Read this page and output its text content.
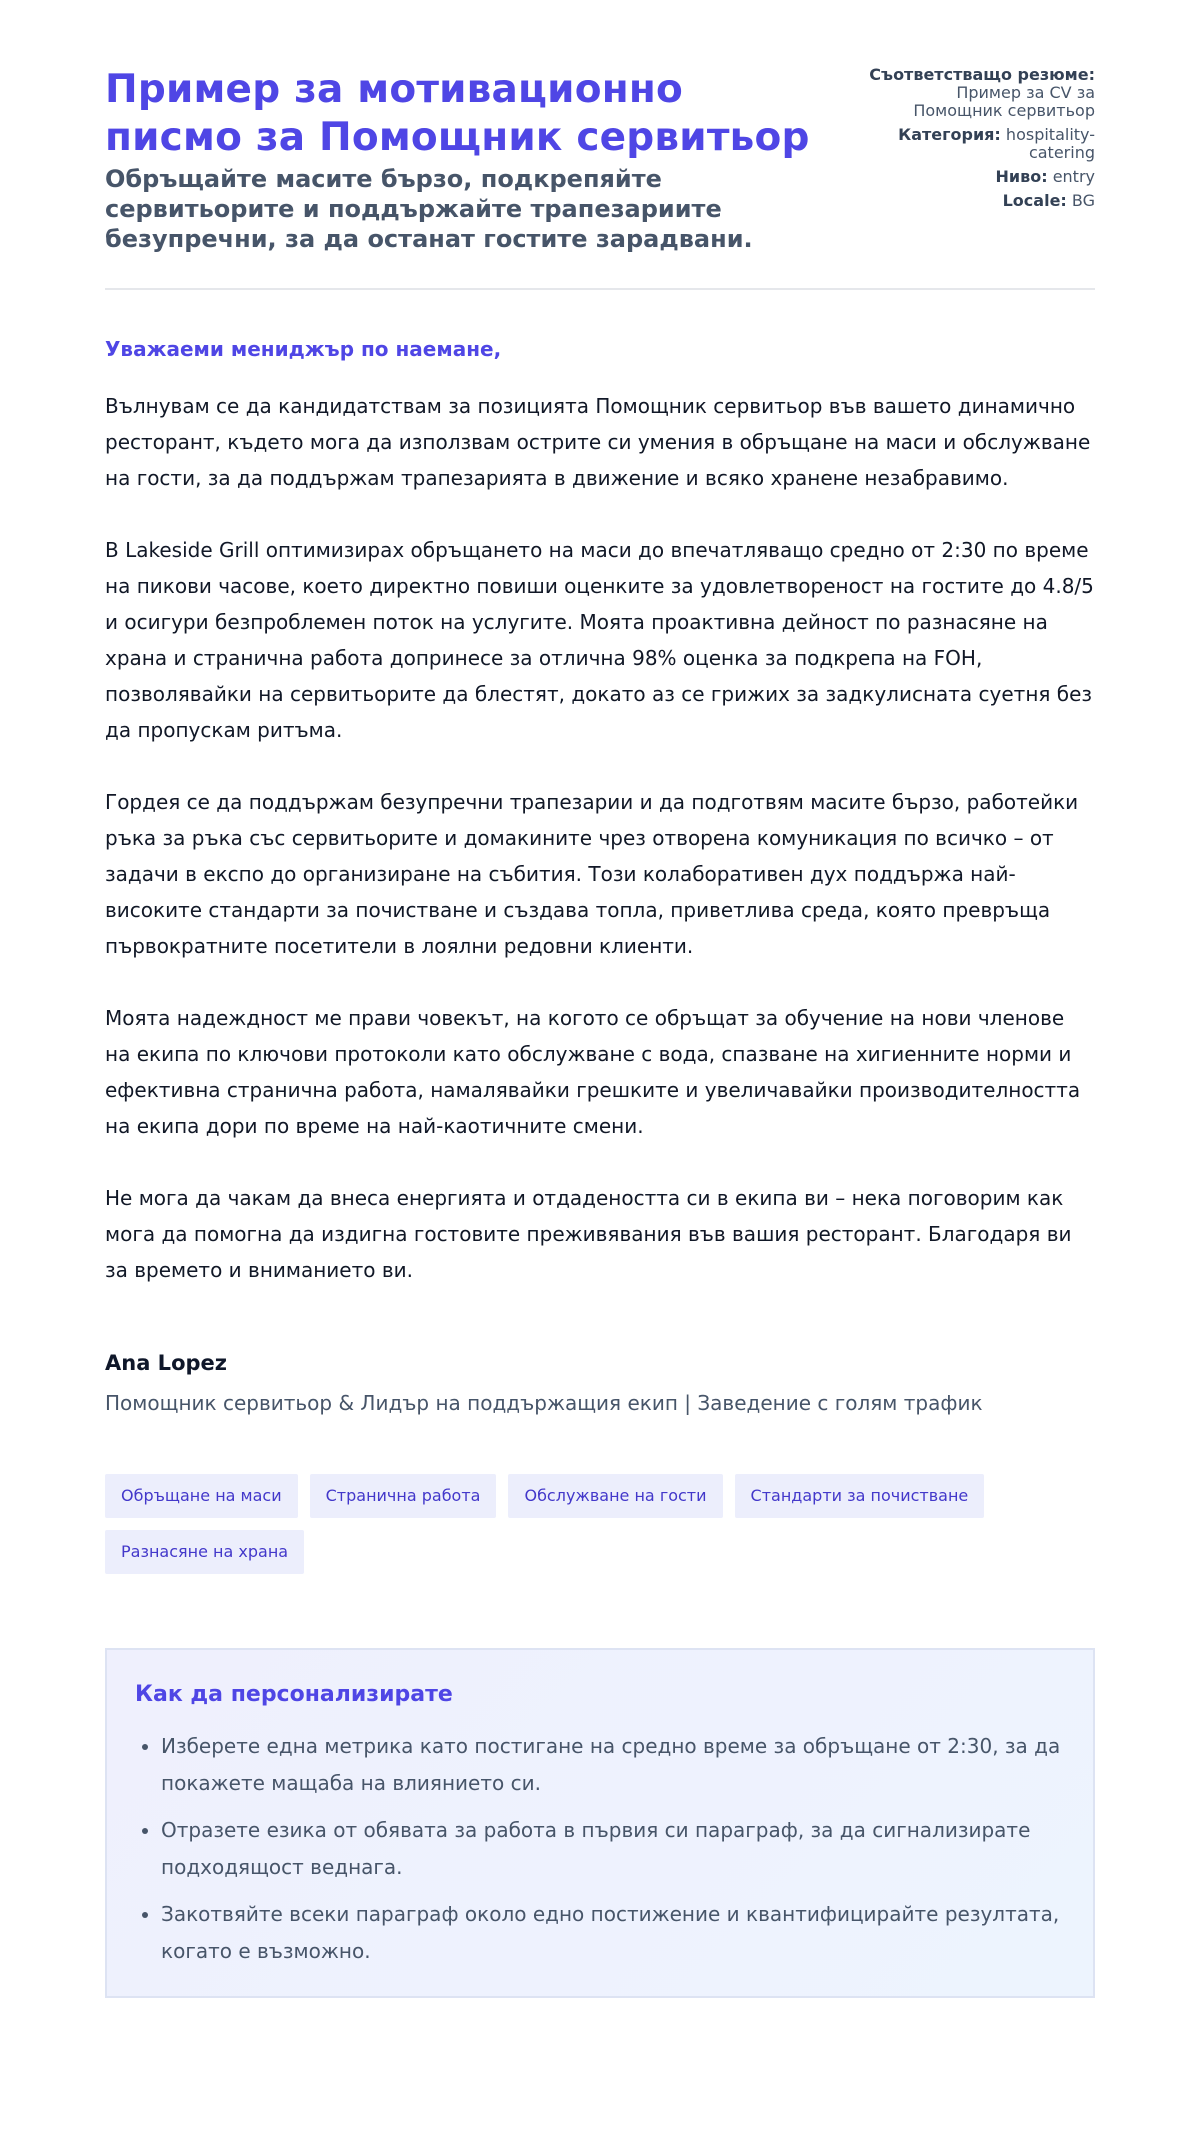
Пример за мотивационно писмо за Помощник сервитьор

Обръщайте масите бързо, подкрепяйте сервитьорите и поддържайте трапезариите безупречни, за да останат гостите зарадвани.

Съответстващо резюме: Пример за CV за Помощник сервитьор
Категория: hospitality-catering
Ниво: entry
Locale: BG

Уважаеми мениджър по наемане,

Вълнувам се да кандидатствам за позицията Помощник сервитьор във вашето динамично ресторант, където мога да използвам острите си умения в обръщане на маси и обслужване на гости, за да поддържам трапезарията в движение и всяко хранене незабравимо.

В Lakeside Grill оптимизирах обръщането на маси до впечатляващо средно от 2:30 по време на пикови часове, което директно повиши оценките за удовлетвореност на гостите до 4.8/5 и осигури безпроблемен поток на услугите. Моята проактивна дейност по разнасяне на храна и странична работа допринесе за отлична 98% оценка за подкрепа на FOH, позволявайки на сервитьорите да блестят, докато аз се грижих за задкулисната суетня без да пропускам ритъма.

Гордея се да поддържам безупречни трапезарии и да подготвям масите бързо, работейки ръка за ръка със сервитьорите и домакините чрез отворена комуникация по всичко – от задачи в експо до организиране на събития. Този колаборативен дух поддържа най-високите стандарти за почистване и създава топла, приветлива среда, която превръща първократните посетители в лоялни редовни клиенти.

Моята надеждност ме прави човекът, на когото се обръщат за обучение на нови членове на екипа по ключови протоколи като обслужване с вода, спазване на хигиенните норми и ефективна странична работа, намалявайки грешките и увеличавайки производителността на екипа дори по време на най-каотичните смени.

Не мога да чакам да внеса енергията и отдадеността си в екипа ви – нека поговорим как мога да помогна да издигна гостовите преживявания във вашия ресторант. Благодаря ви за времето и вниманието ви.

Ana Lopez

Помощник сервитьор & Лидър на поддържащия екип | Заведение с голям трафик

Обръщане на маси	Странична работа	Обслужване на гости	Стандарти за почистване
Разнасяне на храна
Как да персонализирате
• Изберете една метрика като постигане на средно време за обръщане от 2:30, за да покажете мащаба на влиянието си.
• Отразете езика от обявата за работа в първия си параграф, за да сигнализирате подходящост веднага.
• Закотвяйте всеки параграф около едно постижение и квантифицирайте резултата, когато е възможно.
